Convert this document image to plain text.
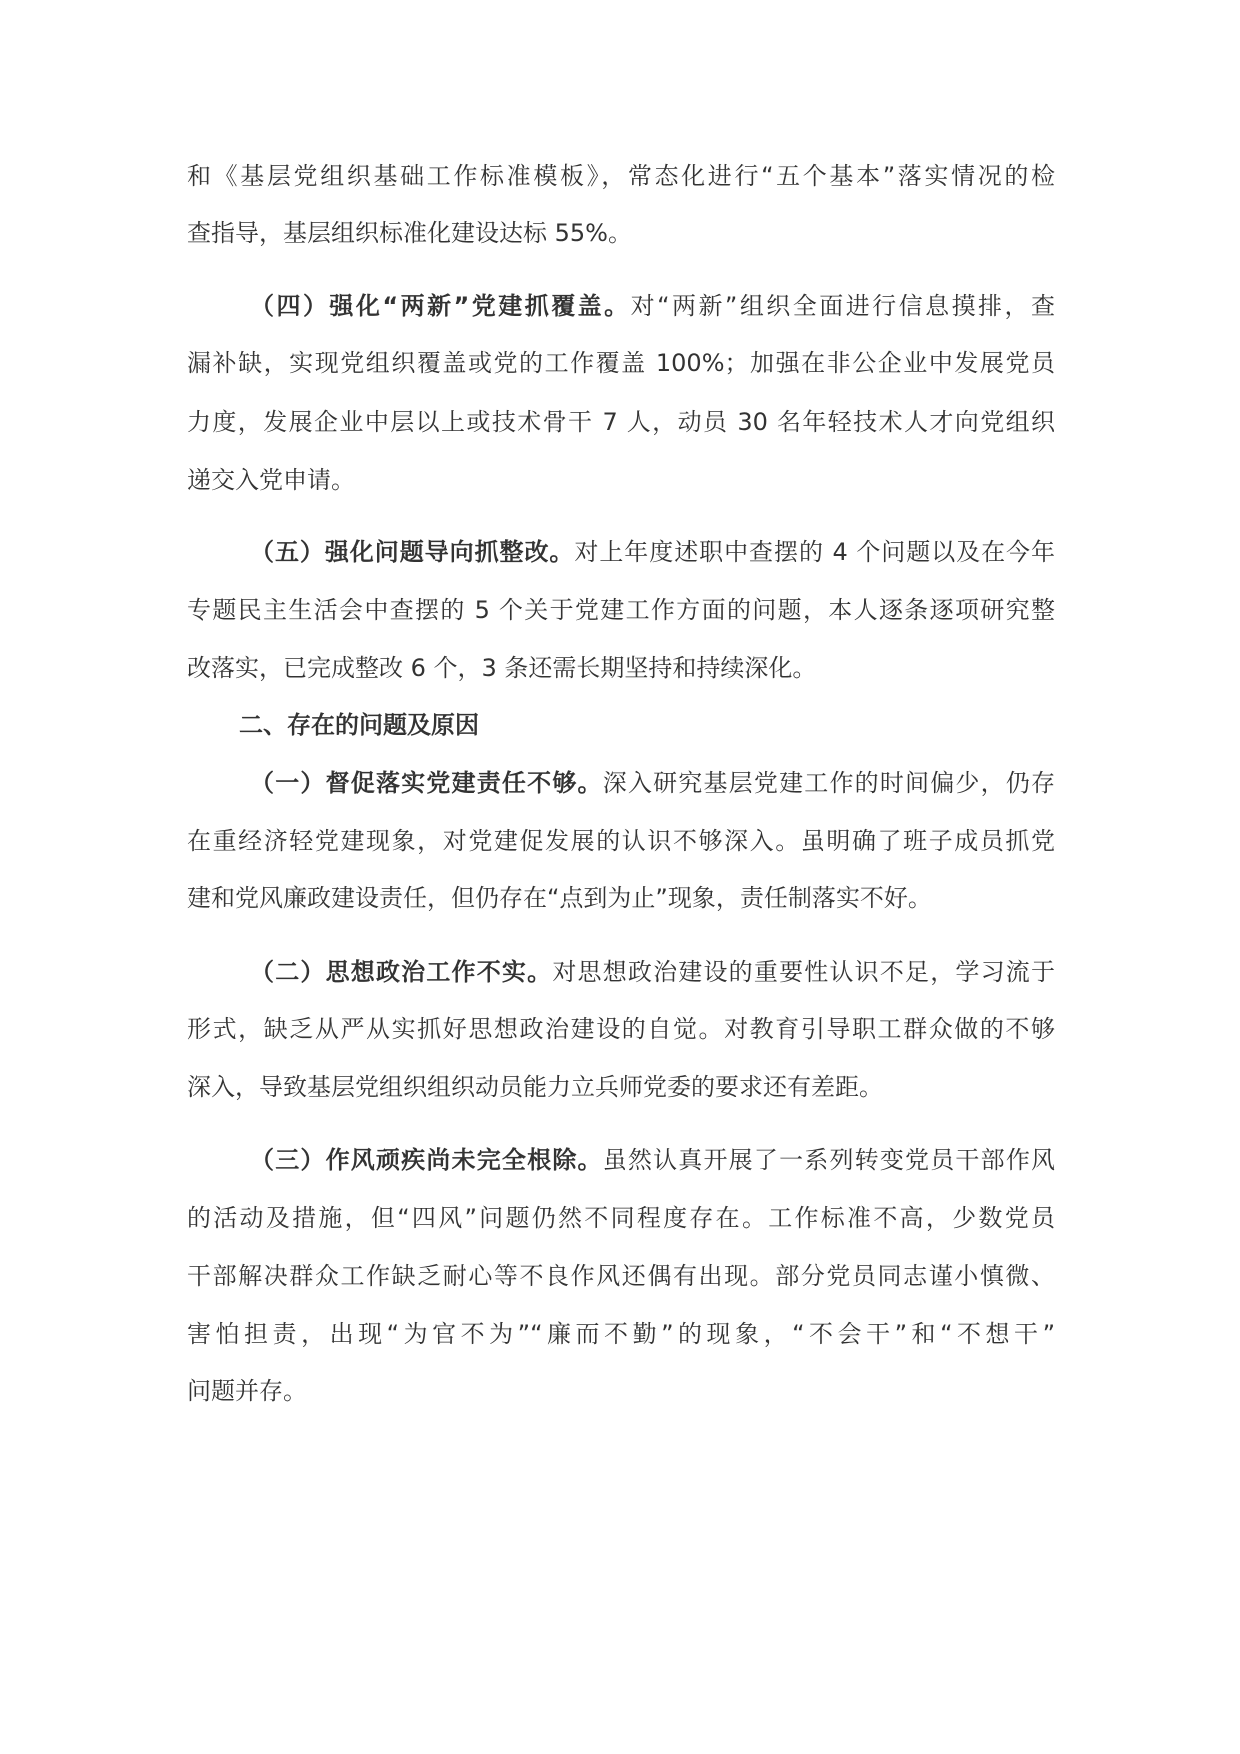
和《基层党组织基础工作标准模板》，常态化进行“五个基本”落实情况的检
查指导，基层组织标准化建设达标 55%。
（四）强化“两新”党建抓覆盖。对“两新”组织全面进行信息摸排，查
漏补缺，实现党组织覆盖或党的工作覆盖 100%；加强在非公企业中发展党员
力度，发展企业中层以上或技术骨干 7 人，动员 30 名年轻技术人才向党组织
递交入党申请。
（五）强化问题导向抓整改。对上年度述职中查摆的 4 个问题以及在今年
专题民主生活会中查摆的 5 个关于党建工作方面的问题，本人逐条逐项研究整
改落实，已完成整改 6 个，3 条还需长期坚持和持续深化。
二、存在的问题及原因
（一）督促落实党建责任不够。深入研究基层党建工作的时间偏少，仍存
在重经济轻党建现象，对党建促发展的认识不够深入。虽明确了班子成员抓党
建和党风廉政建设责任，但仍存在“点到为止”现象，责任制落实不好。
（二）思想政治工作不实。对思想政治建设的重要性认识不足，学习流于
形式，缺乏从严从实抓好思想政治建设的自觉。对教育引导职工群众做的不够
深入，导致基层党组织组织动员能力立兵师党委的要求还有差距。
（三）作风顽疾尚未完全根除。虽然认真开展了一系列转变党员干部作风
的活动及措施，但“四风”问题仍然不同程度存在。工作标准不高，少数党员
干部解决群众工作缺乏耐心等不良作风还偶有出现。部分党员同志谨小慎微、
害怕担责，出现“为官不为”“廉而不勤”的现象，“不会干”和“不想干”
问题并存。
